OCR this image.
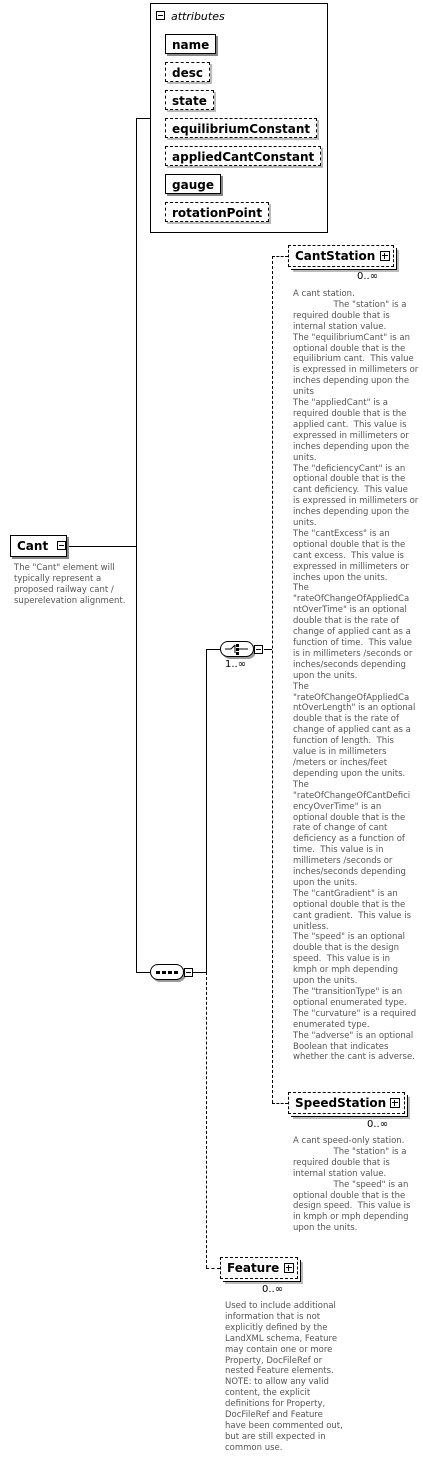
attributes
name
desc
state
equilibriumConstant
appliedCantConstant
gauge
rotationPoint
Cant
The "Cant" element will
typically represent a
proposed railway cant /
superelevation alignment.
1..∞
CantStation
0..∞
A cant station.
The "station" is a
required double that is
internal station value.
The "equilibriumCant" is an
optional double that is the
equilibrium cant.  This value
is expressed in millimeters or
inches depending upon the
units
The "appliedCant" is a
required double that is the
applied cant.  This value is
expressed in millimeters or
inches depending upon the
units.
The "deficiencyCant" is an
optional double that is the
cant deficiency.  This value
is expressed in millimeters or
inches depending upon the
units.
The "cantExcess" is an
optional double that is the
cant excess.  This value is
expressed in millimeters or
inches upon the units.
The
"rateOfChangeOfAppliedCa
ntOverTime" is an optional
double that is the rate of
change of applied cant as a
function of time.  This value
is in millimeters /seconds or
inches/seconds depending
upon the units.
The
"rateOfChangeOfAppliedCa
ntOverLength" is an optional
double that is the rate of
change of applied cant as a
function of length.  This
value is in millimeters
/meters or inches/feet
depending upon the units.
The
"rateOfChangeOfCantDefici
encyOverTime" is an
optional double that is the
rate of change of cant
deficiency as a function of
time.  This value is in
millimeters /seconds or
inches/seconds depending
upon the units.
The "cantGradient" is an
optional double that is the
cant gradient.  This value is
unitless.
The "speed" is an optional
double that is the design
speed.  This value is in
kmph or mph depending
upon the units.
The "transitionType" is an
optional enumerated type.
The "curvature" is a required
enumerated type.
The "adverse" is an optional
Boolean that indicates
whether the cant is adverse.
SpeedStation
0..∞
A cant speed-only station.
The "station" is a
required double that is
internal station value.
The "speed" is an
optional double that is the
design speed.  This value is
in kmph or mph depending
upon the units.
Feature
0..∞
Used to include additional
information that is not
explicitly defined by the
LandXML schema, Feature
may contain one or more
Property, DocFileRef or
nested Feature elements.
NOTE: to allow any valid
content, the explicit
definitions for Property,
DocFileRef and Feature
have been commented out,
but are still expected in
common use.
